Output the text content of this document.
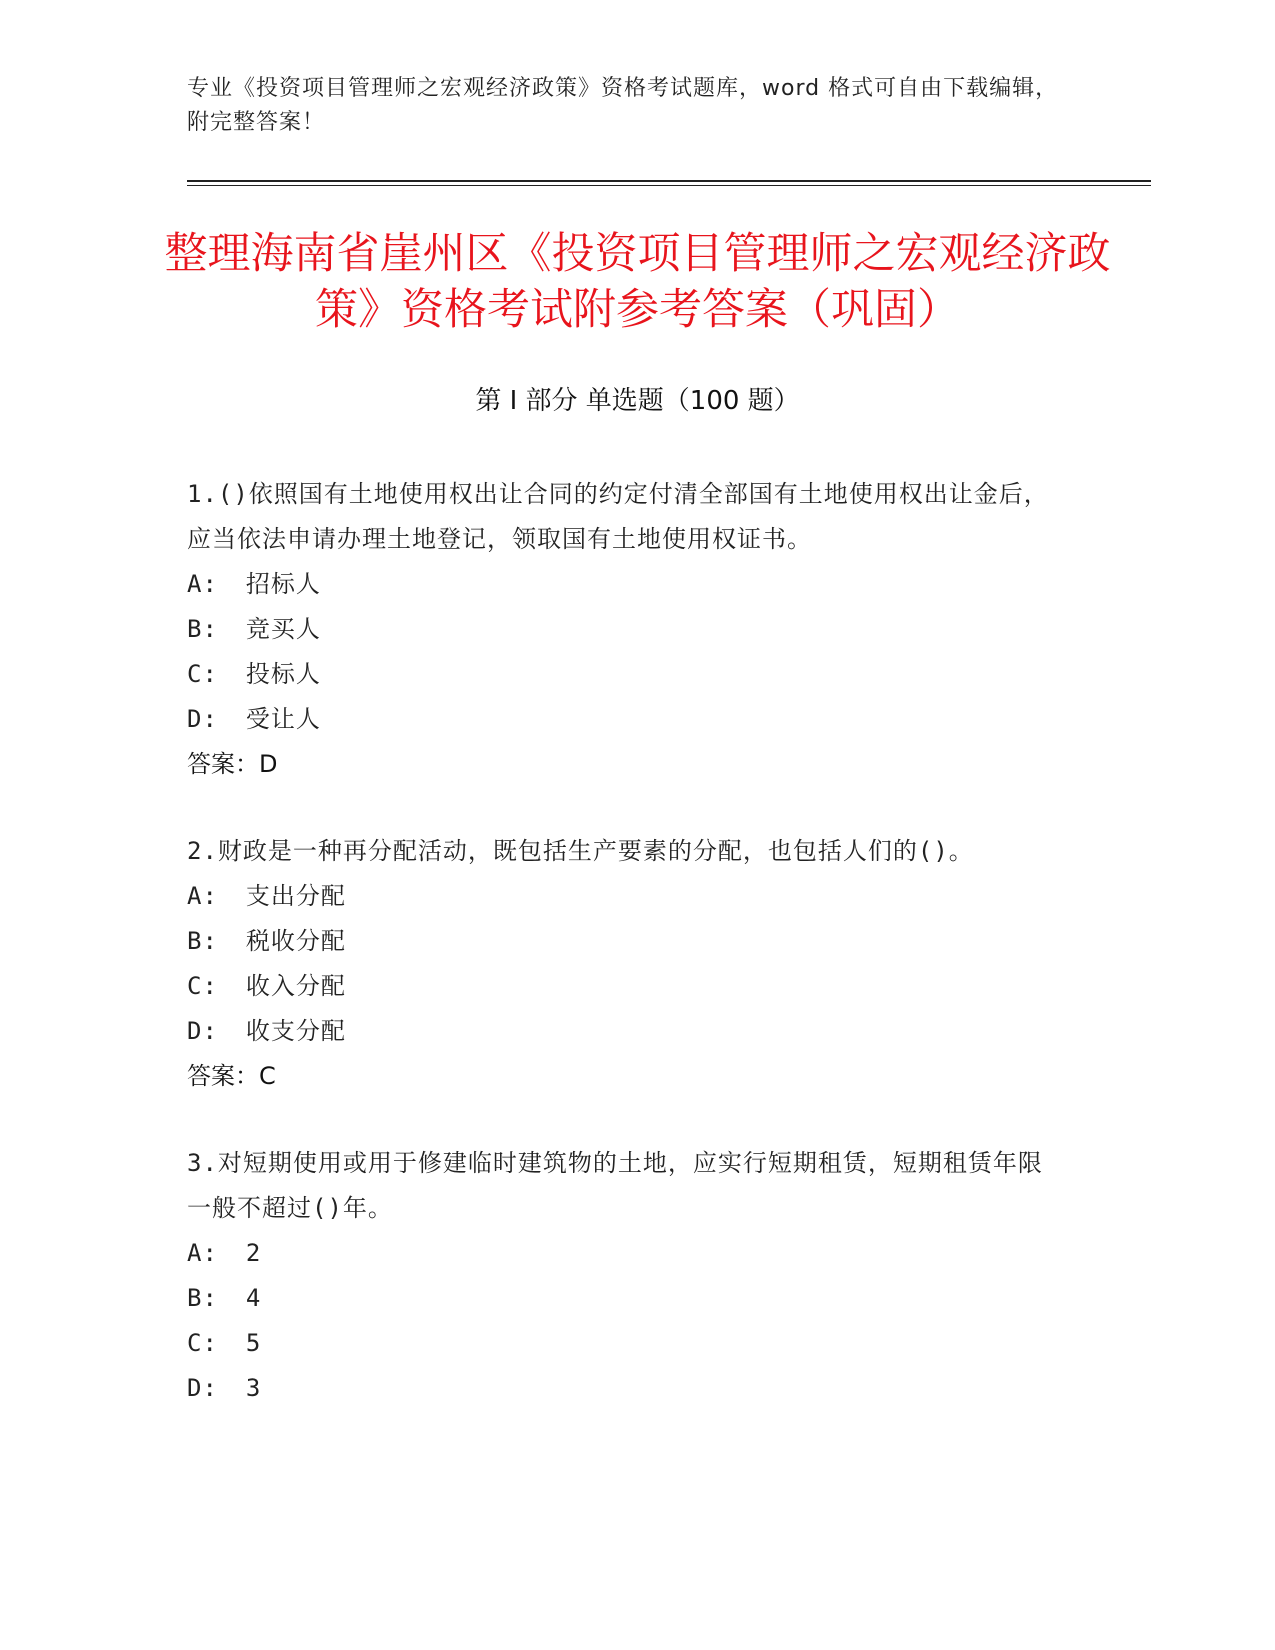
专业《投资项目管理师之宏观经济政策》资格考试题库，word 格式可自由下载编辑，附完整答案！
整理海南省崖州区《投资项目管理师之宏观经济政策》资格考试附参考答案（巩固）
第 I 部分 单选题（100 题）

1.()依照国有土地使用权出让合同的约定付清全部国有土地使用权出让金后，应当依法申请办理土地登记，领取国有土地使用权证书。

A: 招标人

B: 竞买人

C: 投标人

D: 受让人

答案：D

2.财政是一种再分配活动，既包括生产要素的分配，也包括人们的()。

A: 支出分配

B: 税收分配

C: 收入分配

D: 收支分配

答案：C

3.对短期使用或用于修建临时建筑物的土地，应实行短期租赁，短期租赁年限一般不超过()年。

A: 2

B: 4

C: 5

D: 3
